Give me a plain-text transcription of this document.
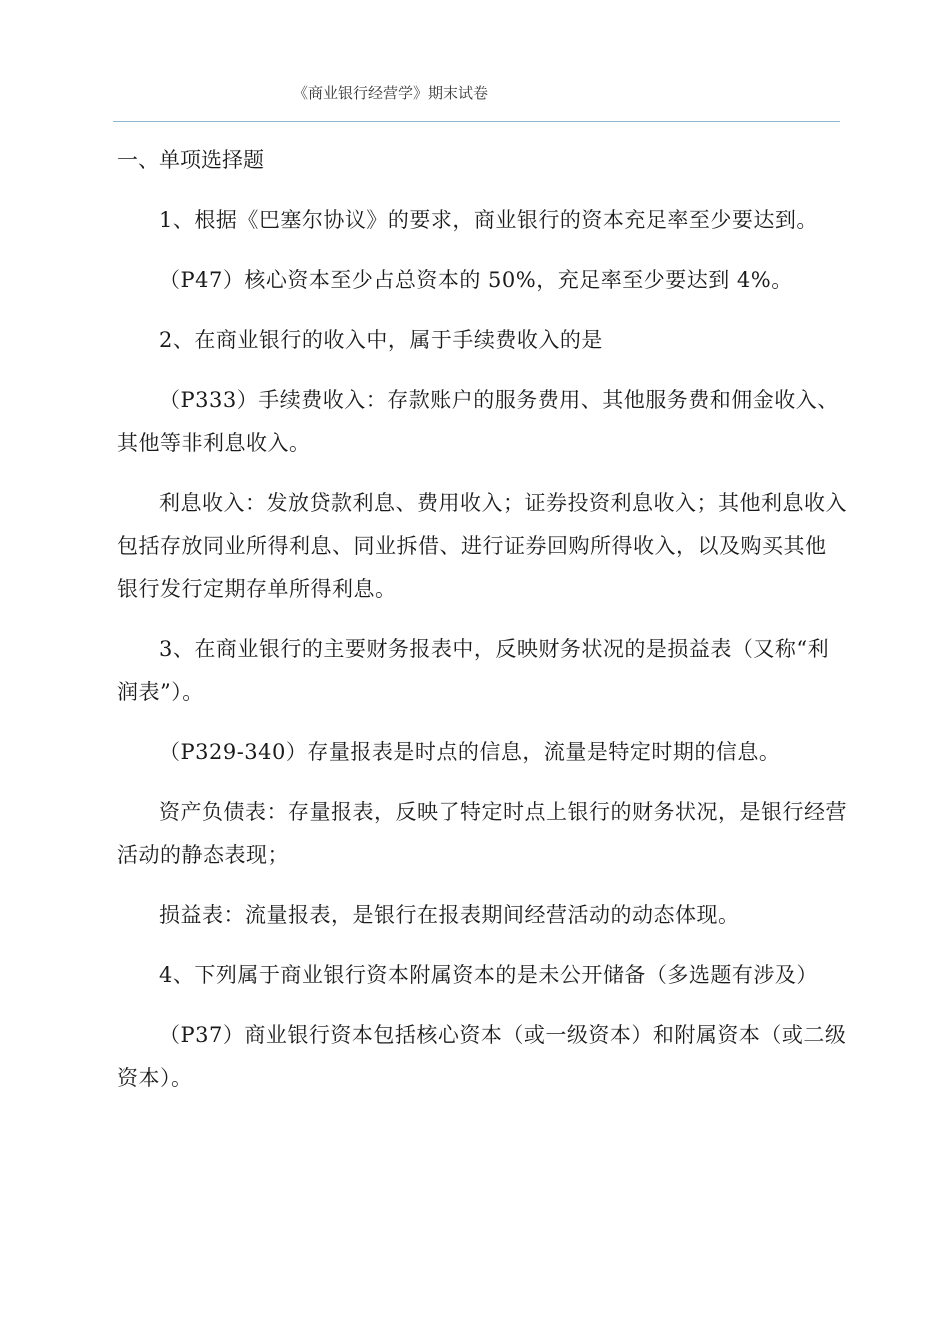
《商业银行经营学》期末试卷
一、单项选择题

1、根据《巴塞尔协议》的要求，商业银行的资本充足率至少要达到。

（P47）核心资本至少占总资本的 50%，充足率至少要达到 4%。

2、在商业银行的收入中，属于手续费收入的是

（P333）手续费收入：存款账户的服务费用、其他服务费和佣金收入、其他等非利息收入。

利息收入：发放贷款利息、费用收入；证券投资利息收入；其他利息收入包括存放同业所得利息、同业拆借、进行证券回购所得收入，以及购买其他银行发行定期存单所得利息。

3、在商业银行的主要财务报表中，反映财务状况的是损益表（又称“利润表”）。

（P329-340）存量报表是时点的信息，流量是特定时期的信息。

资产负债表：存量报表，反映了特定时点上银行的财务状况，是银行经营活动的静态表现；

损益表：流量报表，是银行在报表期间经营活动的动态体现。

4、下列属于商业银行资本附属资本的是未公开储备（多选题有涉及）

（P37）商业银行资本包括核心资本（或一级资本）和附属资本（或二级资本）。
